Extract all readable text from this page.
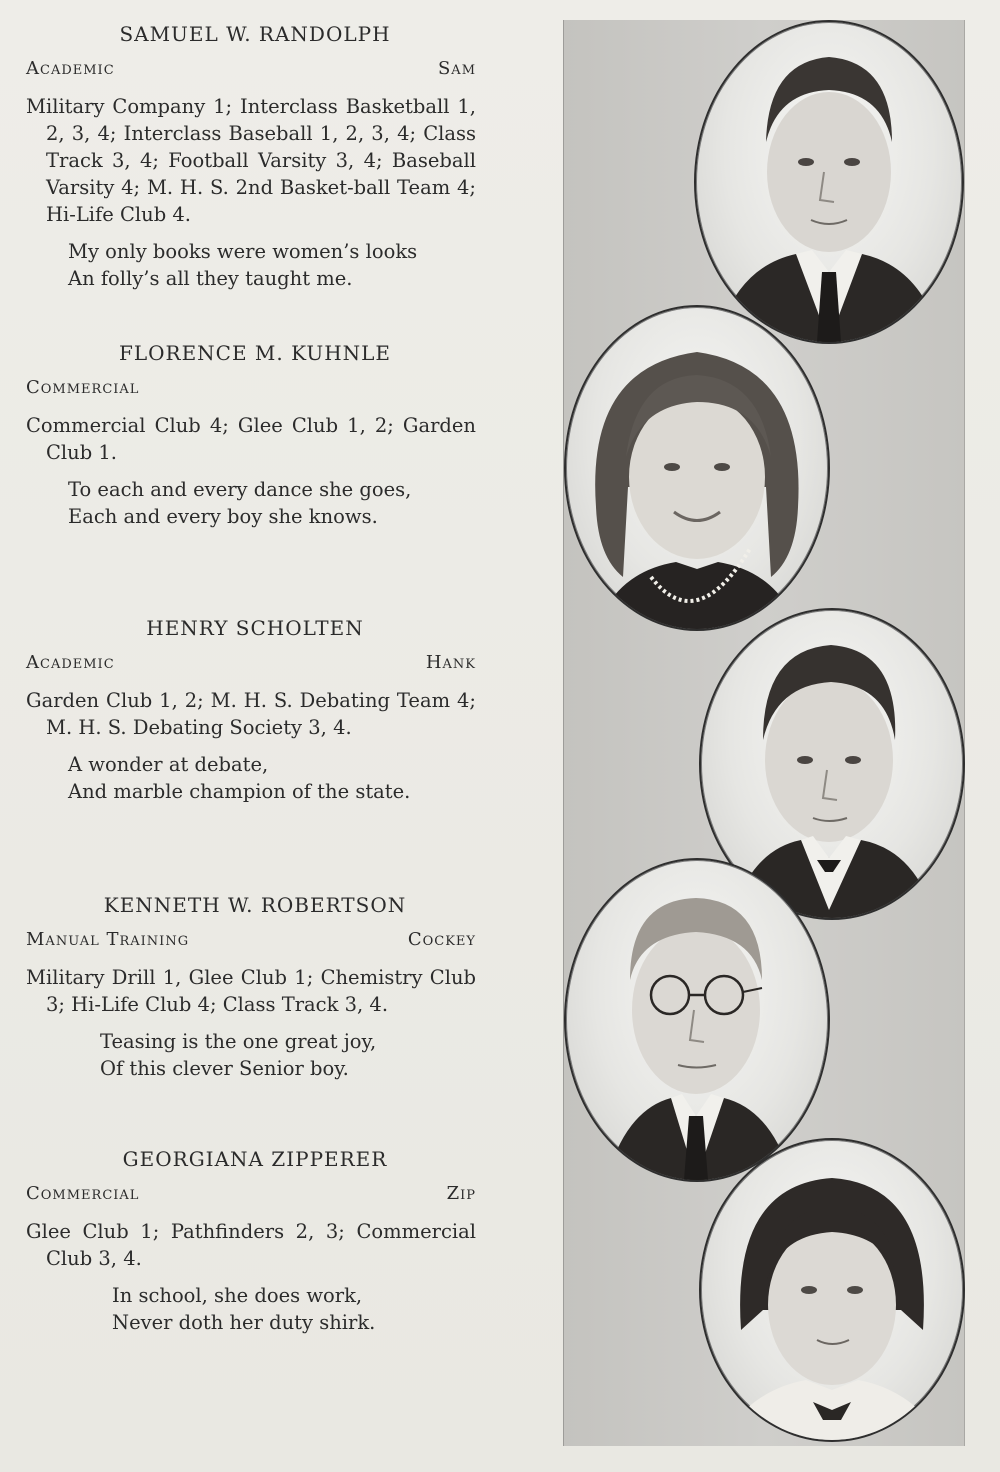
SAMUEL W. RANDOLPH
Academic	Sam
Military Company 1; Interclass Basketball 1, 2, 3, 4; Interclass Baseball 1, 2, 3, 4; Class Track 3, 4; Football Varsity 3, 4; Baseball Varsity 4; M. H. S. 2nd Basket-ball Team 4; Hi-Life Club 4.
My only books were women’s looks
An folly’s all they taught me.
FLORENCE M. KUHNLE
Commercial
Commercial Club 4; Glee Club 1, 2; Garden Club 1.
To each and every dance she goes,
Each and every boy she knows.
HENRY SCHOLTEN
Academic	Hank
Garden Club 1, 2; M. H. S. Debating Team 4; M. H. S. Debating Society 3, 4.
A wonder at debate,
And marble champion of the state.
KENNETH W. ROBERTSON
Manual Training	Cockey
Military Drill 1, Glee Club 1; Chemistry Club 3; Hi-Life Club 4; Class Track 3, 4.
Teasing is the one great joy,
Of this clever Senior boy.
GEORGIANA ZIPPERER
Commercial	Zip
Glee Club 1; Pathfinders 2, 3; Commercial Club 3, 4.
In school, she does work,
Never doth her duty shirk.
